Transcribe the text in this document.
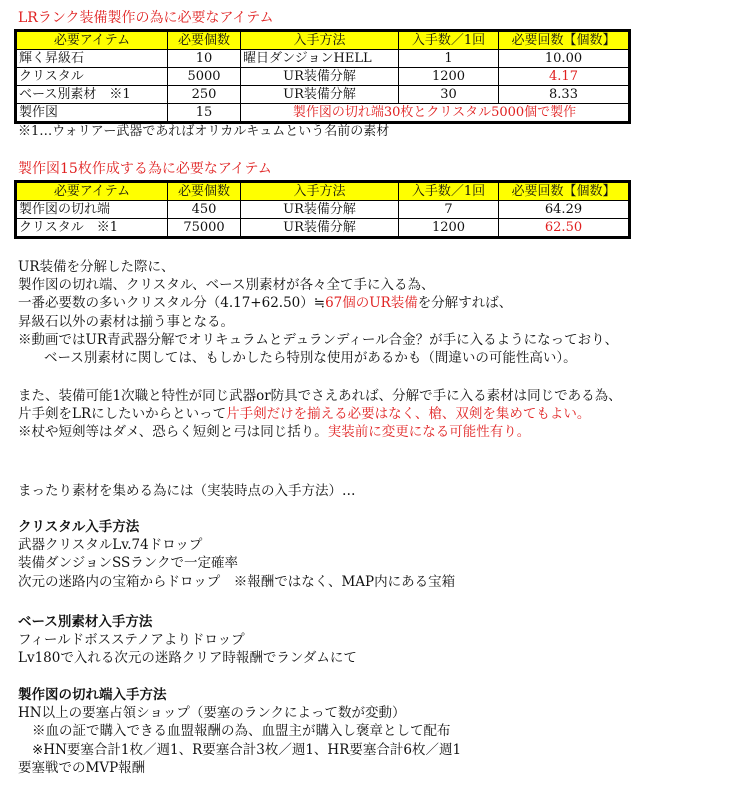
LRランク装備製作の為に必要なアイテム
必要アイテム	必要個数	入手方法	入手数／1回	必要回数【個数】
輝く昇級石	10	曜日ダンジョンHELL	1	10.00
クリスタル	5000	UR装備分解	1200	4.17
ベース別素材　※1	250	UR装備分解	30	8.33
製作図	15	製作図の切れ端30枚とクリスタル5000個で製作		
※1…ウォリアー武器であればオリカルキュムという名前の素材
製作図15枚作成する為に必要なアイテム
必要アイテム	必要個数	入手方法	入手数／1回	必要回数【個数】
製作図の切れ端	450	UR装備分解	7	64.29
クリスタル　※1	75000	UR装備分解	1200	62.50
UR装備を分解した際に、
製作図の切れ端、クリスタル、ベース別素材が各々全て手に入る為、
一番必要数の多いクリスタル分（4.17+62.50）≒67個のUR装備を分解すれば、
昇級石以外の素材は揃う事となる。
※動画ではUR青武器分解でオリキュラムとデュランディール合金？が手に入るようになっており、
ベース別素材に関しては、もしかしたら特別な使用があるかも（間違いの可能性高い）。
また、装備可能1次職と特性が同じ武器or防具でさえあれば、分解で手に入る素材は同じである為、
片手剣をLRにしたいからといって片手剣だけを揃える必要はなく、槍、双剣を集めてもよい。
※杖や短剣等はダメ、恐らく短剣と弓は同じ括り。実装前に変更になる可能性有り。
まったり素材を集める為には（実装時点の入手方法）…
クリスタル入手方法
武器クリスタルLv.74ドロップ
装備ダンジョンSSランクで一定確率
次元の迷路内の宝箱からドロップ　※報酬ではなく、MAP内にある宝箱
ベース別素材入手方法
フィールドボスステノアよりドロップ
Lv180で入れる次元の迷路クリア時報酬でランダムにて
製作図の切れ端入手方法
HN以上の要塞占領ショップ（要塞のランクによって数が変動）
※血の証で購入できる血盟報酬の為、血盟主が購入し褒章として配布
※HN要塞合計1枚／週1、R要塞合計3枚／週1、HR要塞合計6枚／週1
要塞戦でのMVP報酬
